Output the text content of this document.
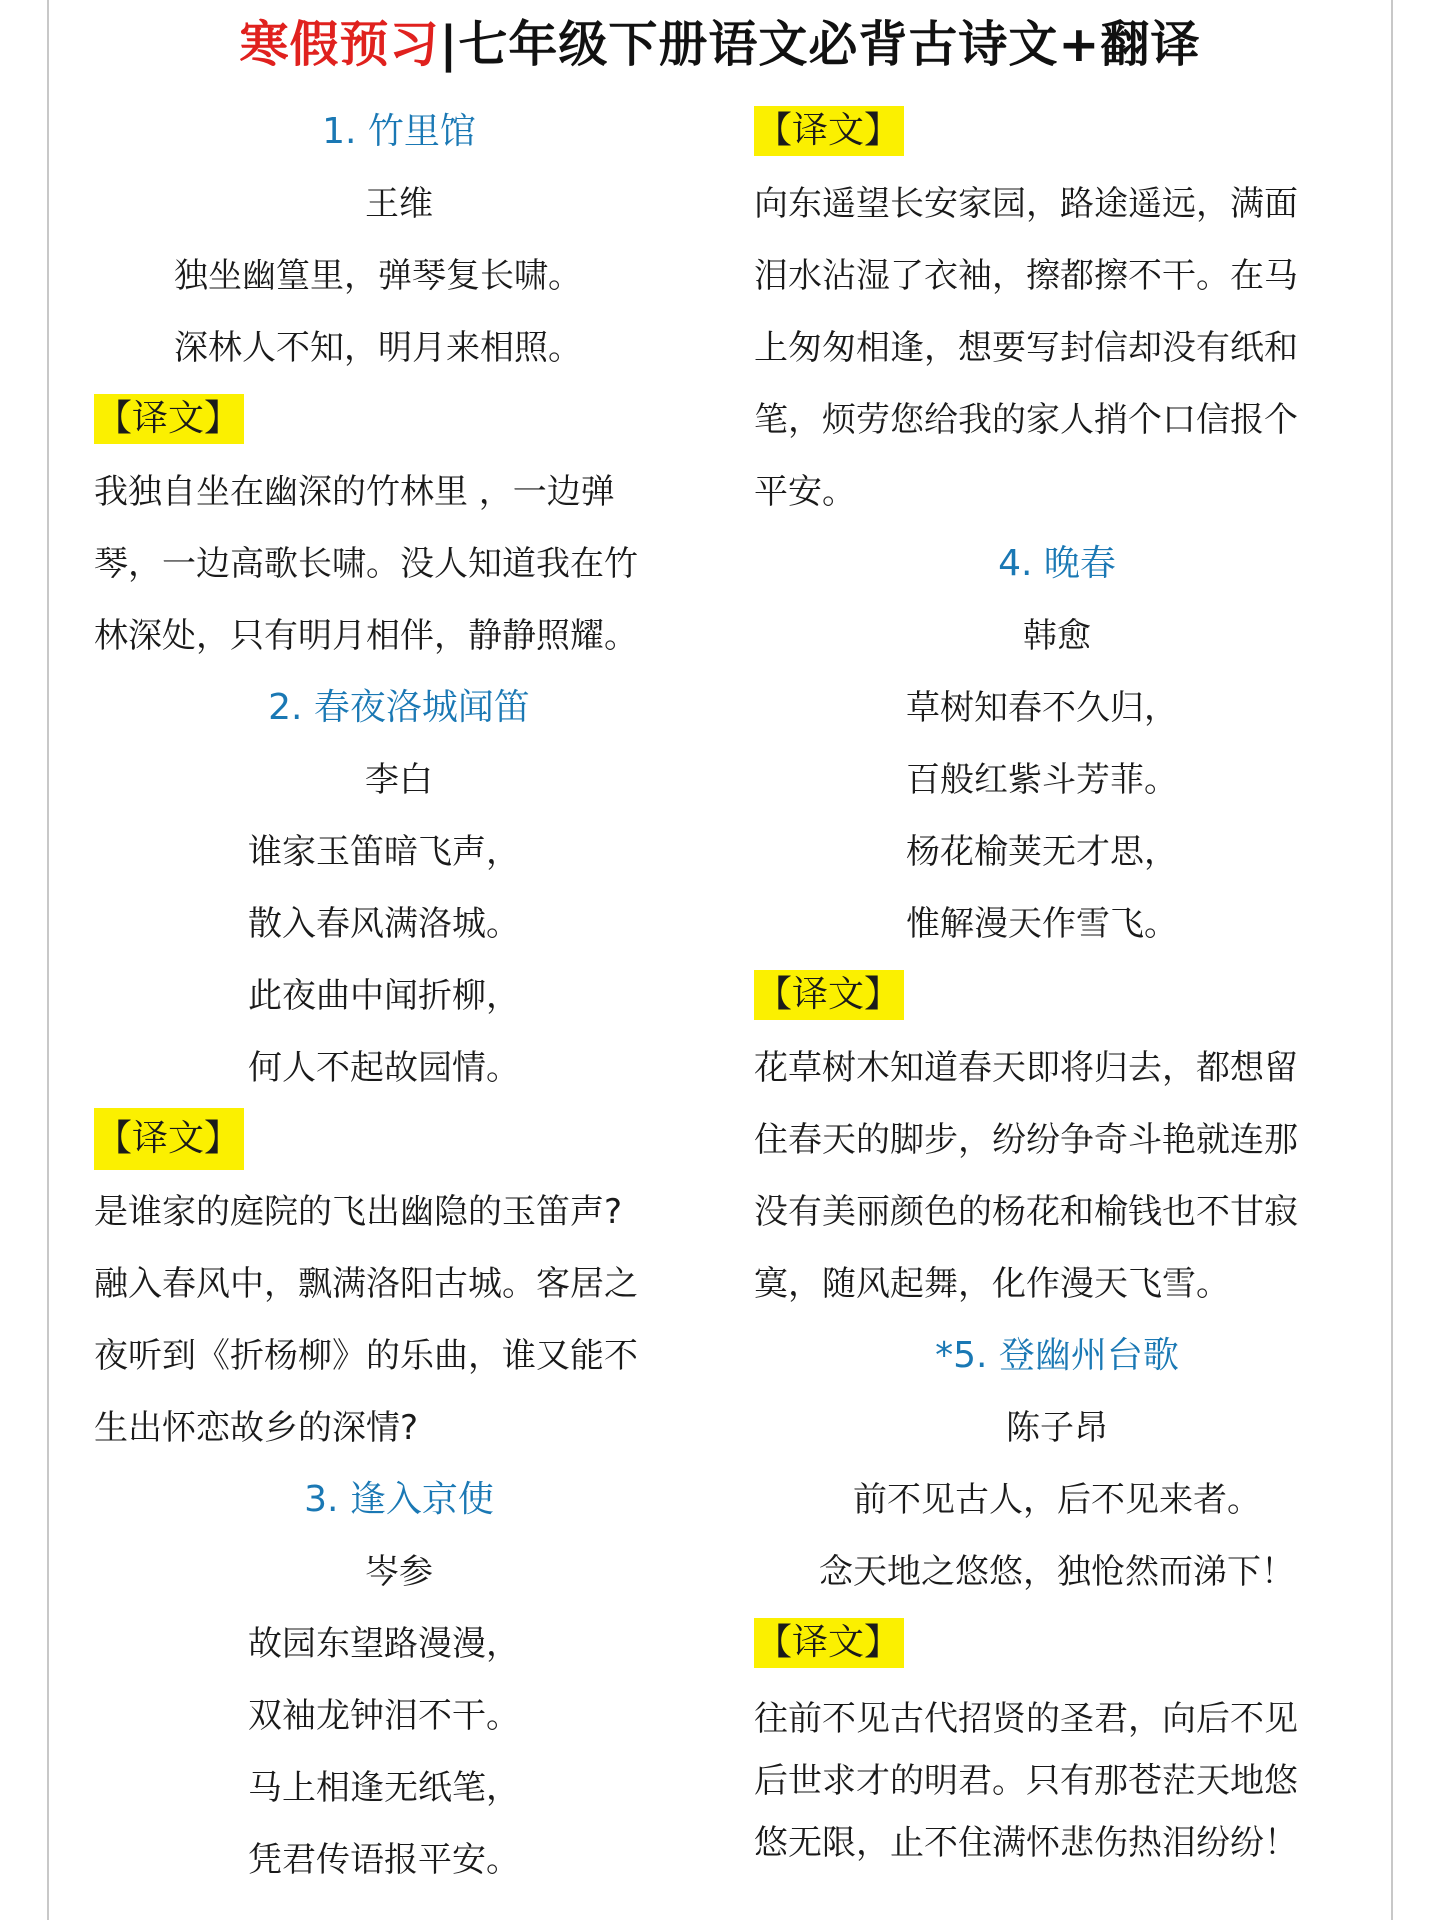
寒假预习|七年级下册语文必背古诗文+翻译
1. 竹里馆
王维
独坐幽篁里，弹琴复长啸。
深林人不知，明月来相照。
【译文】
我独自坐在幽深的竹林里 ，一边弹
琴，一边高歌长啸。没人知道我在竹
林深处，只有明月相伴，静静照耀。
2. 春夜洛城闻笛
李白
谁家玉笛暗飞声，
散入春风满洛城。
此夜曲中闻折柳，
何人不起故园情。
【译文】
是谁家的庭院的飞出幽隐的玉笛声?
融入春风中，飘满洛阳古城。客居之
夜听到《折杨柳》的乐曲，谁又能不
生出怀恋故乡的深情?
3. 逢入京使
岑参
故园东望路漫漫，
双袖龙钟泪不干。
马上相逢无纸笔，
凭君传语报平安。
【译文】
向东遥望长安家园，路途遥远，满面
泪水沾湿了衣袖，擦都擦不干。在马
上匆匆相逢，想要写封信却没有纸和
笔，烦劳您给我的家人捎个口信报个
平安。
4. 晚春
韩愈
草树知春不久归，
百般红紫斗芳菲。
杨花榆荚无才思，
惟解漫天作雪飞。
【译文】
花草树木知道春天即将归去，都想留
住春天的脚步，纷纷争奇斗艳就连那
没有美丽颜色的杨花和榆钱也不甘寂
寞，随风起舞，化作漫天飞雪。
*5. 登幽州台歌
陈子昂
前不见古人，后不见来者。
念天地之悠悠，独怆然而涕下！
【译文】
往前不见古代招贤的圣君，向后不见
后世求才的明君。只有那苍茫天地悠
悠无限，止不住满怀悲伤热泪纷纷！
